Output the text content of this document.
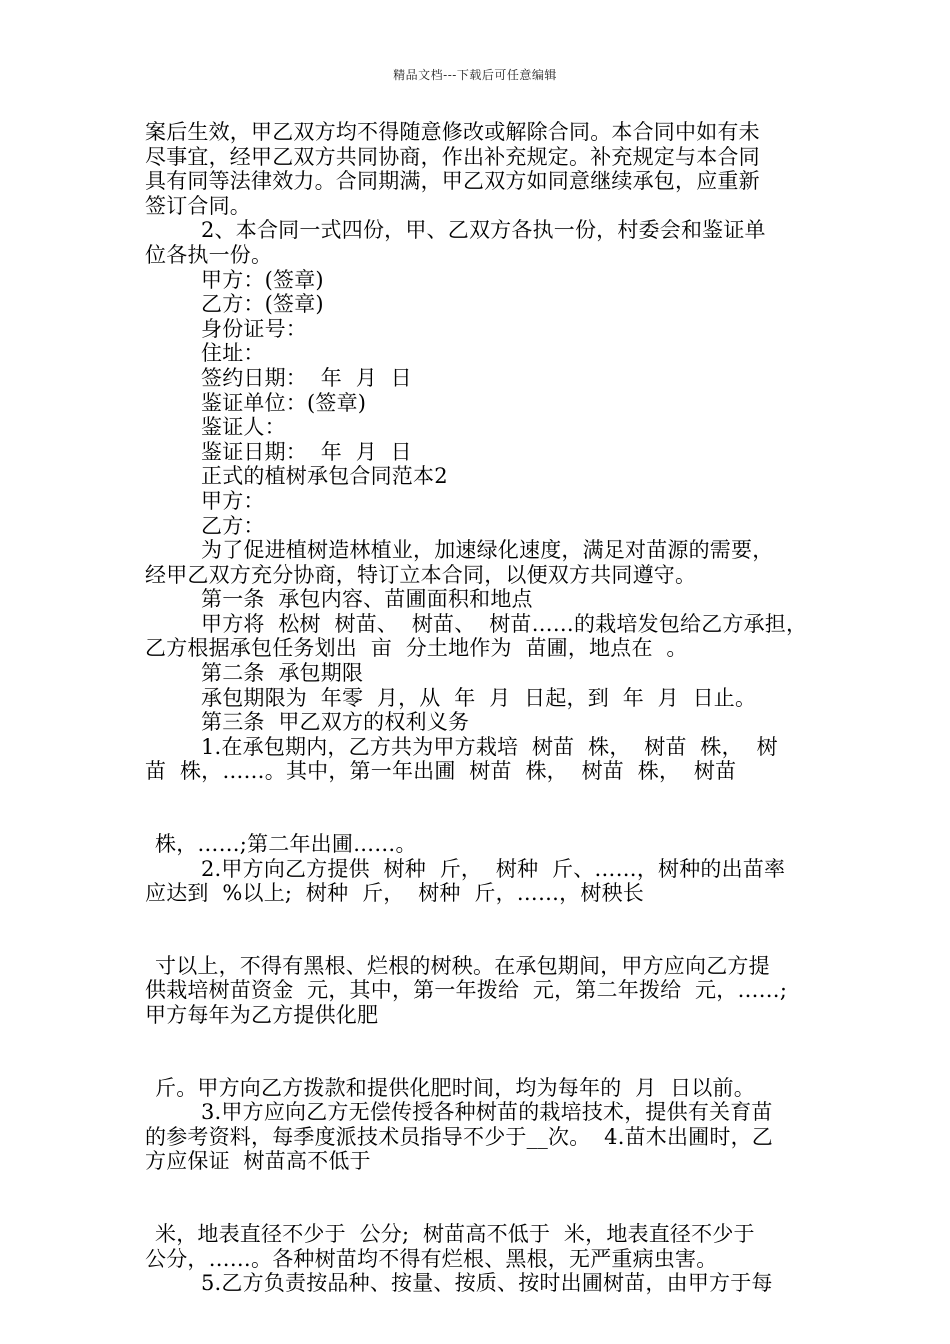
精品文档---下载后可任意编辑
案后生效，甲乙双方均不得随意修改或解除合同。本合同中如有未
尽事宜，经甲乙双方共同协商，作出补充规定。补充规定与本合同
具有同等法律效力。合同期满，甲乙双方如同意继续承包，应重新
签订合同。
2、本合同一式四份，甲、乙双方各执一份，村委会和鉴证单
位各执一份。
甲方：(签章)
乙方：(签章)
身份证号：
住址：
签约日期：  年  月  日
鉴证单位：(签章)
鉴证人：
鉴证日期：  年  月  日
正式的植树承包合同范本2
甲方：
乙方：
为了促进植树造林植业，加速绿化速度，满足对苗源的需要，
经甲乙双方充分协商，特订立本合同，以便双方共同遵守。
第一条  承包内容、苗圃面积和地点
甲方将  松树  树苗、  树苗、  树苗……的栽培发包给乙方承担，
乙方根据承包任务划出  亩  分土地作为  苗圃，地点在  。
第二条  承包期限
承包期限为  年零  月，从  年  月  日起，到  年  月  日止。
第三条  甲乙双方的权利义务
1.在承包期内，乙方共为甲方栽培  树苗  株，  树苗  株，  树
苗  株，……。其中，第一年出圃  树苗  株，  树苗  株，  树苗
株，……;第二年出圃……。
2.甲方向乙方提供  树种  斤，  树种  斤、……，树种的出苗率
应达到  %以上;  树种  斤，  树种  斤，……，树秧长
寸以上，不得有黑根、烂根的树秧。在承包期间，甲方应向乙方提
供栽培树苗资金  元，其中，第一年拨给  元，第二年拨给  元，……;
甲方每年为乙方提供化肥
斤。甲方向乙方拨款和提供化肥时间，均为每年的  月  日以前。
3.甲方应向乙方无偿传授各种树苗的栽培技术，提供有关育苗
的参考资料，每季度派技术员指导不少于__次。  4.苗木出圃时，乙
方应保证  树苗高不低于
米，地表直径不少于  公分;  树苗高不低于  米，地表直径不少于
公分，……。各种树苗均不得有烂根、黑根，无严重病虫害。
5.乙方负责按品种、按量、按质、按时出圃树苗，由甲方于每
